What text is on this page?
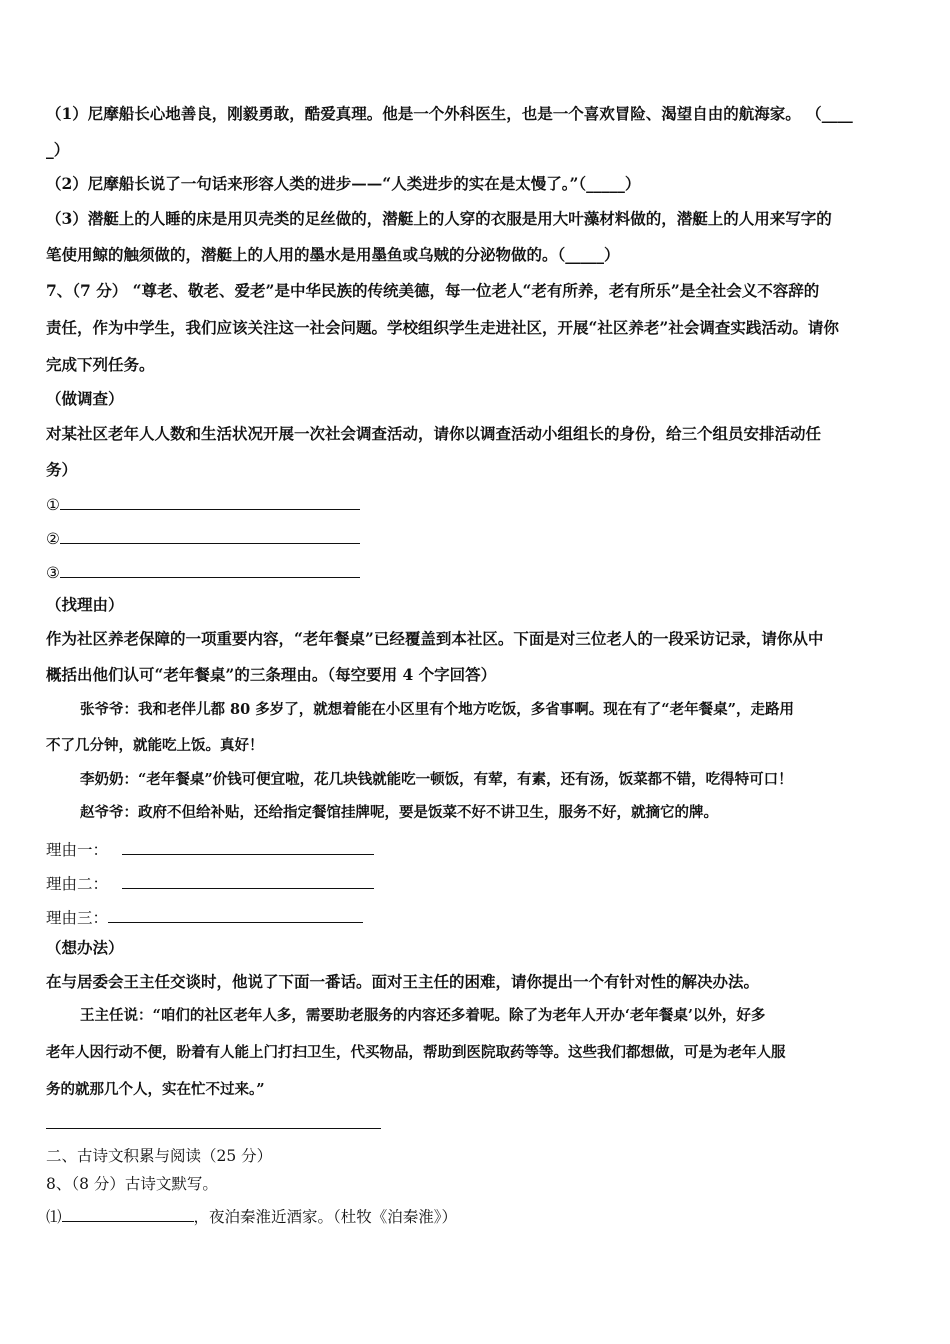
（1）尼摩船长心地善良，刚毅勇敢，酷爱真理。他是一个外科医生，也是一个喜欢冒险、渴望自由的航海家。 （____
_）
（2）尼摩船长说了一句话来形容人类的进步——“人类进步的实在是太慢了。”（_____）
（3）潜艇上的人睡的床是用贝壳类的足丝做的，潜艇上的人穿的衣服是用大叶藻材料做的，潜艇上的人用来写字的
笔使用鲸的触须做的，潜艇上的人用的墨水是用墨鱼或乌贼的分泌物做的。（_____）
7、（7 分） “尊老、敬老、爱老”是中华民族的传统美德，每一位老人“老有所养，老有所乐”是全社会义不容辞的
责任，作为中学生，我们应该关注这一社会问题。学校组织学生走进社区，开展“社区养老”社会调查实践活动。请你
完成下列任务。
（做调查）
对某社区老年人人数和生活状况开展一次社会调查活动，请你以调查活动小组组长的身份，给三个组员安排活动任
务）
①
②
③
（找理由）
作为社区养老保障的一项重要内容，“老年餐桌”已经覆盖到本社区。下面是对三位老人的一段采访记录，请你从中
概括出他们认可“老年餐桌”的三条理由。（每空要用 4 个字回答）
张爷爷：我和老伴儿都 80 多岁了，就想着能在小区里有个地方吃饭，多省事啊。现在有了“老年餐桌”，走路用
不了几分钟，就能吃上饭。真好！
李奶奶：“老年餐桌”价钱可便宜啦，花几块钱就能吃一顿饭，有荤，有素，还有汤，饭菜都不错，吃得特可口！
赵爷爷：政府不但给补贴，还给指定餐馆挂牌呢，要是饭菜不好不讲卫生，服务不好，就摘它的牌。
理由一：
理由二：
理由三：
（想办法）
在与居委会王主任交谈时，他说了下面一番话。面对王主任的困难，请你提出一个有针对性的解决办法。
王主任说：“咱们的社区老年人多，需要助老服务的内容还多着呢。除了为老年人开办‘老年餐桌’以外，好多
老年人因行动不便，盼着有人能上门打扫卫生，代买物品，帮助到医院取药等等。这些我们都想做，可是为老年人服
务的就那几个人，实在忙不过来。”
二、古诗文积累与阅读（25 分）
8、（8 分）古诗文默写。
⑴	，夜泊秦淮近酒家。（杜牧《泊秦淮》）
